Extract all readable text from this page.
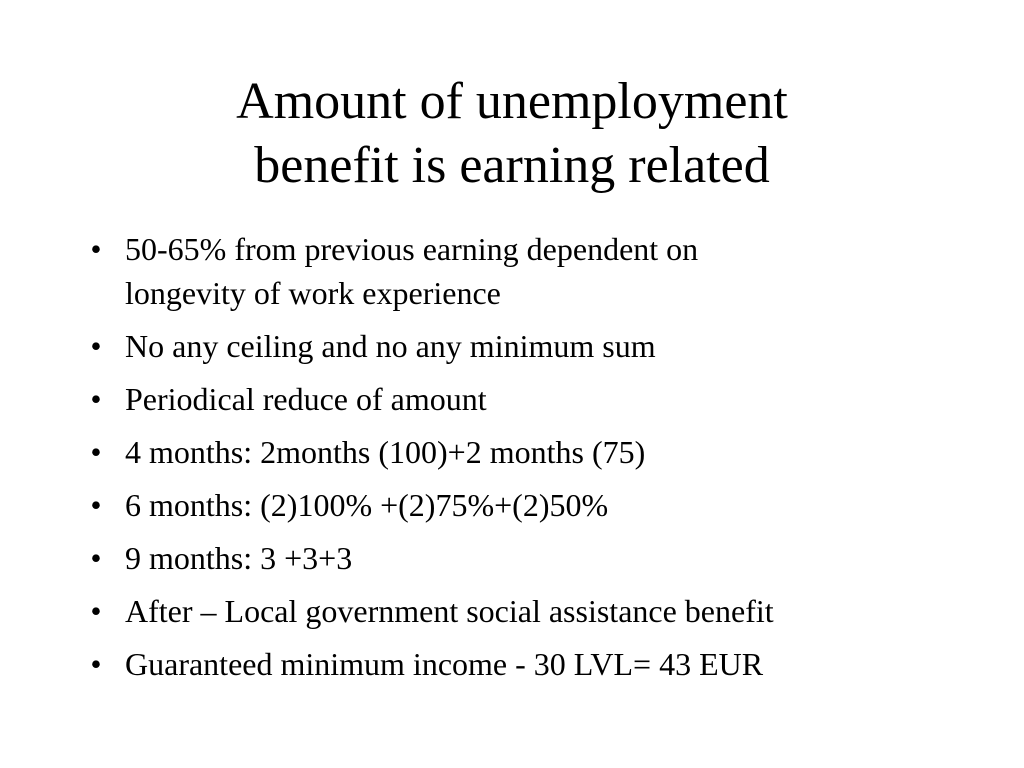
Amount of unemployment
benefit is earning related
• 50-65% from previous earning dependent on
longevity of work experience
• No any ceiling and no any minimum sum
• Periodical reduce of amount
• 4 months: 2months (100)+2 months (75)
• 6 months: (2)100% +(2)75%+(2)50%
• 9 months: 3 +3+3
• After – Local government social assistance benefit
• Guaranteed minimum income - 30 LVL= 43 EUR
